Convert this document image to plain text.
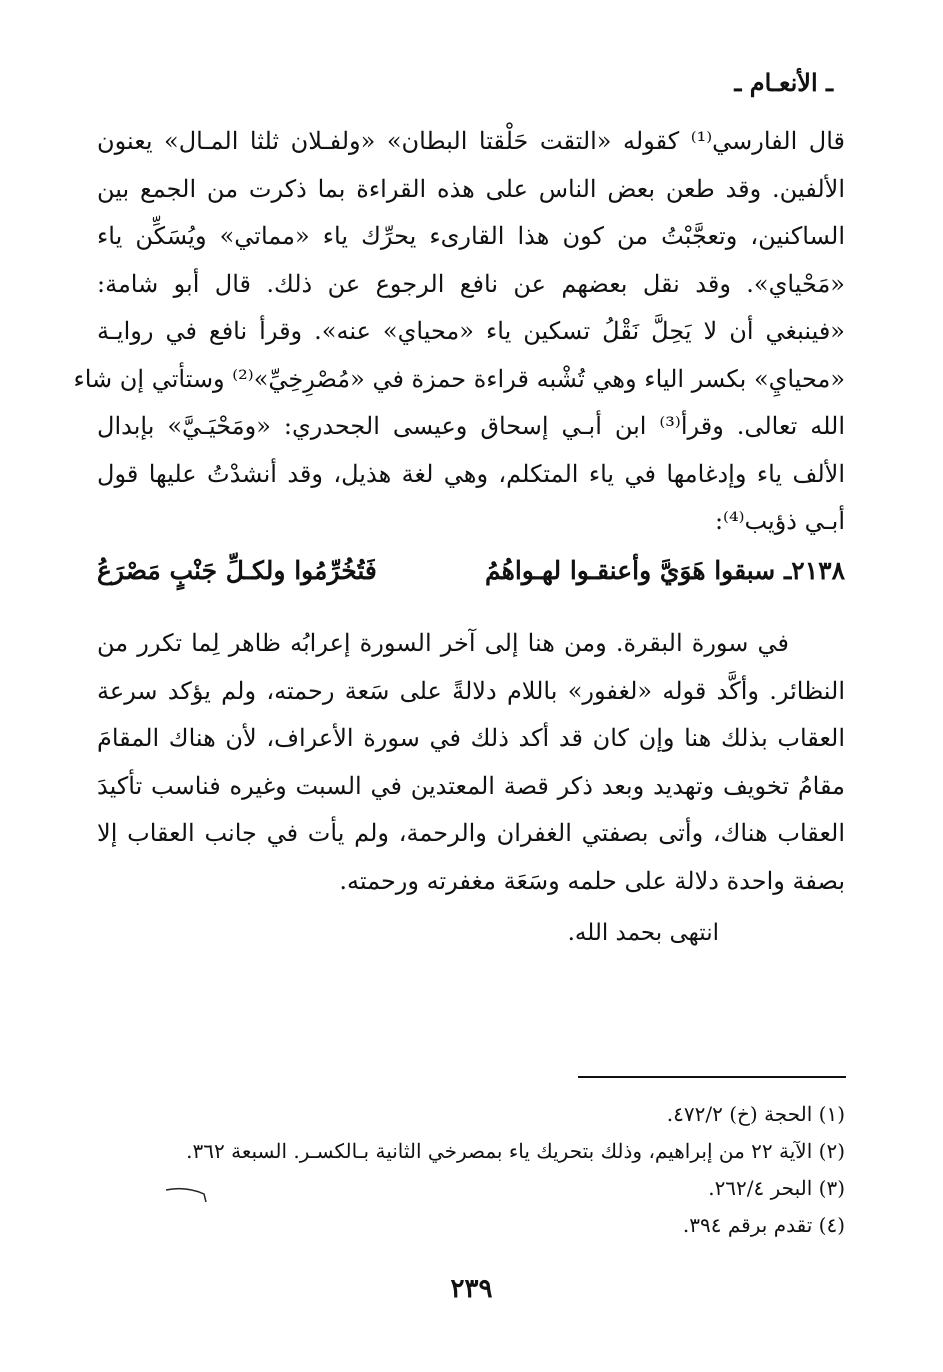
ـ الأنعـام ـ
قال الفارسي⁽¹⁾ كقوله «التقت حَلْقتا البطان» «ولفـلان ثلثا المـال» يعنون
الألفين. وقد طعن بعض الناس على هذه القراءة بما ذكرت من الجمع بين
الساكنين، وتعجَّبْتُ من كون هذا القارىء يحرِّك ياء «مماتي» ويُسَكِّن ياء
«مَحْياي». وقد نقل بعضهم عن نافع الرجوع عن ذلك. قال أبو شامة:
«فينبغي أن لا يَحِلَّ نَقْلُ تسكين ياء «محياي» عنه». وقرأ نافع في روايـة
«محيايِ» بكسر الياء وهي تُشْبه قراءة حمزة في «مُصْرِخِيِّ»⁽²⁾ وستأتي إن شاء
الله تعالى. وقرأ⁽³⁾ ابن أبـي إسحاق وعيسى الجحدري: «ومَحْيَـيَّ» بإبدال
الألف ياء وإدغامها في ياء المتكلم، وهي لغة هذيل، وقد أنشدْتُ عليها قول
أبـي ذؤيب⁽⁴⁾:
٢١٣٨ـ سبقوا هَوَيَّ وأعنقـوا لهـواهُمُ
فَتُخُرِّمُوا ولكـلِّ جَنْبٍ مَصْرَعُ
في سورة البقرة. ومن هنا إلى آخر السورة إعرابُه ظاهر لِما تكرر من
النظائر. وأكَّد قوله «لغفور» باللام دلالةً على سَعة رحمته، ولم يؤكد سرعة
العقاب بذلك هنا وإن كان قد أكد ذلك في سورة الأعراف، لأن هناك المقامَ
مقامُ تخويف وتهديد وبعد ذكر قصة المعتدين في السبت وغيره فناسب تأكيدَ
العقاب هناك، وأتى بصفتي الغفران والرحمة، ولم يأت في جانب العقاب إلا
بصفة واحدة دلالة على حلمه وسَعَة مغفرته ورحمته.
انتهى بحمد الله.
(١) الحجة (خ) ٤٧٢/٢.
(٢) الآية ٢٢ من إبراهيم، وذلك بتحريك ياء بمصرخي الثانية بـالكسـر. السبعة ٣٦٢.
(٣) البحر ٢٦٢/٤.
(٤) تقدم برقم ٣٩٤.
٢٣٩
